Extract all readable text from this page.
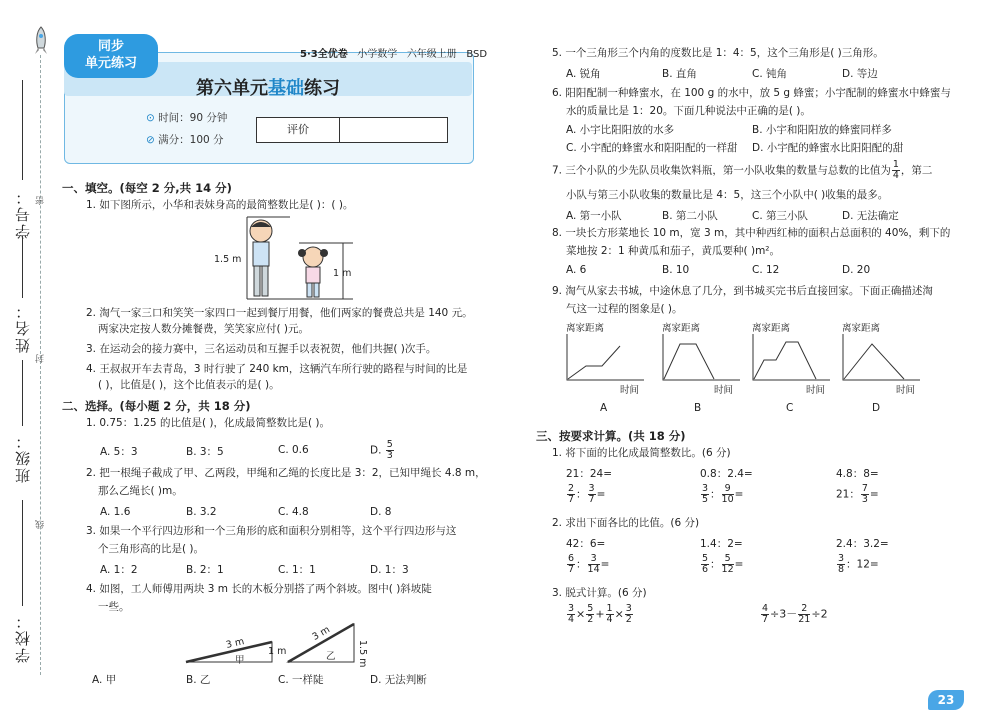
学号：
姓名：
班级：
学校：
密
封
线
同步
单元练习
5·3全优卷 小学数学 六年级上册 BSD
第六单元基础练习
⊙ 时间：90 分钟
⊘ 满分：100 分
评价
一、填空。(每空 2 分,共 14 分)
1. 如下图所示，小华和表妹身高的最简整数比是( )：( )。
1.5 m
1 m
2. 淘气一家三口和笑笑一家四口一起到餐厅用餐，他们两家的餐费总共是 140 元。
两家决定按人数分摊餐费，笑笑家应付( )元。
3. 在运动会的接力赛中，三名运动员和互握手以表祝贺，他们共握( )次手。
4. 王叔叔开车去青岛，3 时行驶了 240 km，这辆汽车所行驶的路程与时间的比是
( )，比值是( )，这个比值表示的是( )。
二、选择。(每小题 2 分，共 18 分)
1. 0.75：1.25 的比值是( )，化成最简整数比是( )。
A. 5：3	B. 3：5	C. 0.6	D. $\frac{5}{3}$
2. 把一根绳子截成了甲、乙两段，甲绳和乙绳的长度比是 3：2，已知甲绳长 4.8 m，
那么乙绳长( )m。
A. 1.6	B. 3.2	C. 4.8	D. 8
3. 如果一个平行四边形和一个三角形的底和面积分别相等，这个平行四边形与这
个三角形高的比是( )。
A. 1：2	B. 2：1	C. 1：1	D. 1：3
4. 如图，工人师傅用两块 3 m 长的木板分别搭了两个斜坡。图中( )斜坡陡
一些。
3 m
甲
1 m
3 m
乙 1.5 m
A. 甲	B. 乙	C. 一样陡	D. 无法判断
5. 一个三角形三个内角的度数比是 1：4：5，这个三角形是( )三角形。
A. 锐角	B. 直角	C. 钝角	D. 等边
6. 阳阳配制一种蜂蜜水，在 100 g 的水中，放 5 g 蜂蜜；小宇配制的蜂蜜水中蜂蜜与
水的质量比是 1：20。下面几种说法中正确的是( )。
A. 小宇比阳阳放的水多	B. 小宇和阳阳放的蜂蜜同样多
C. 小宇配的蜂蜜水和阳阳配的一样甜 D. 小宇配的蜂蜜水比阳阳配的甜
7. 三个小队的少先队员收集饮料瓶，第一小队收集的数量与总数的比值为 $\frac{1}{4}$ ，第二
小队与第三小队收集的数量比是 4：5，这三个小队中( )收集的最多。
A. 第一小队	B. 第二小队	C. 第三小队	D. 无法确定
8. 一块长方形菜地长 10 m，宽 3 m，其中种西红柿的面积占总面积的 40%，剩下的
菜地按 2：1 种黄瓜和茄子，黄瓜要种( )m²。
A. 6	B. 10	C. 12	D. 20
9. 淘气从家去书城，中途休息了几分，到书城买完书后直接回家。下面正确描述淘
气这一过程的图象是( )。
离家距离	离家距离	离家距离	离家距离
时间	时间	时间	时间
A	B	C	D
三、按要求计算。(共 18 分)
1. 将下面的比化成最简整数比。(6 分)
21：24=	0.8：2.4=	4.8：8=
$\frac{2}{7}$ ： $\frac{3}{7}$ =	$\frac{3}{5}$ ： $\frac{9}{10}$ =	21： $\frac{7}{3}$ =
2. 求出下面各比的比值。(6 分)
42：6=	1.4：2=	2.4：3.2=
$\frac{6}{7}$ ： $\frac{3}{14}$ =	$\frac{5}{6}$ ： $\frac{5}{12}$ =	$\frac{3}{8}$ ：12=
3. 脱式计算。(6 分)
$\frac{3}{4} \times \frac{5}{2} + \frac{1}{4} \times \frac{3}{2}$	$\frac{4}{7} \div 3- \frac{2}{21} \div 2$
23
